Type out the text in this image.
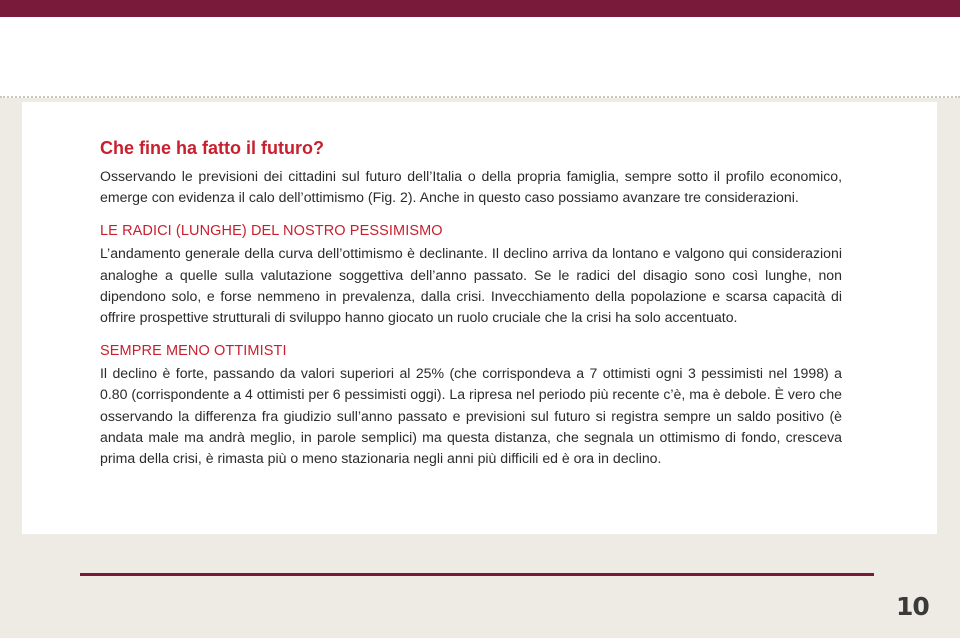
Che fine ha fatto il futuro?

Osservando le previsioni dei cittadini sul futuro dell’Italia o della propria famiglia, sempre sotto il profilo economico, emerge con evidenza il calo dell’ottimismo (Fig. 2). Anche in questo caso possiamo avanzare tre considerazioni.

LE RADICI (LUNGHE) DEL NOSTRO PESSIMISMO

L’andamento generale della curva dell’ottimismo è declinante. Il declino arriva da lontano e valgono qui considerazioni analoghe a quelle sulla valutazione soggettiva dell’anno passato. Se le radici del disagio sono così lunghe, non dipendono solo, e forse nemmeno in prevalenza, dalla crisi. Invecchiamento della popolazione e scarsa capacità di offrire prospettive strutturali di sviluppo hanno giocato un ruolo cruciale che la crisi ha solo accentuato.

SEMPRE MENO OTTIMISTI

Il declino è forte, passando da valori superiori al 25% (che corrispondeva a 7 ottimisti ogni 3 pessimisti nel 1998) a 0.80 (corrispondente a 4 ottimisti per 6 pessimisti oggi). La ripresa nel periodo più recente c’è, ma è debole. È vero che osservando la differenza fra giudizio sull’anno passato e previsioni sul futuro si registra sempre un saldo positivo (è andata male ma andrà meglio, in parole semplici) ma questa distanza, che segnala un ottimismo di fondo, cresceva prima della crisi, è rimasta più o meno stazionaria negli anni più difficili ed è ora in declino.

10
